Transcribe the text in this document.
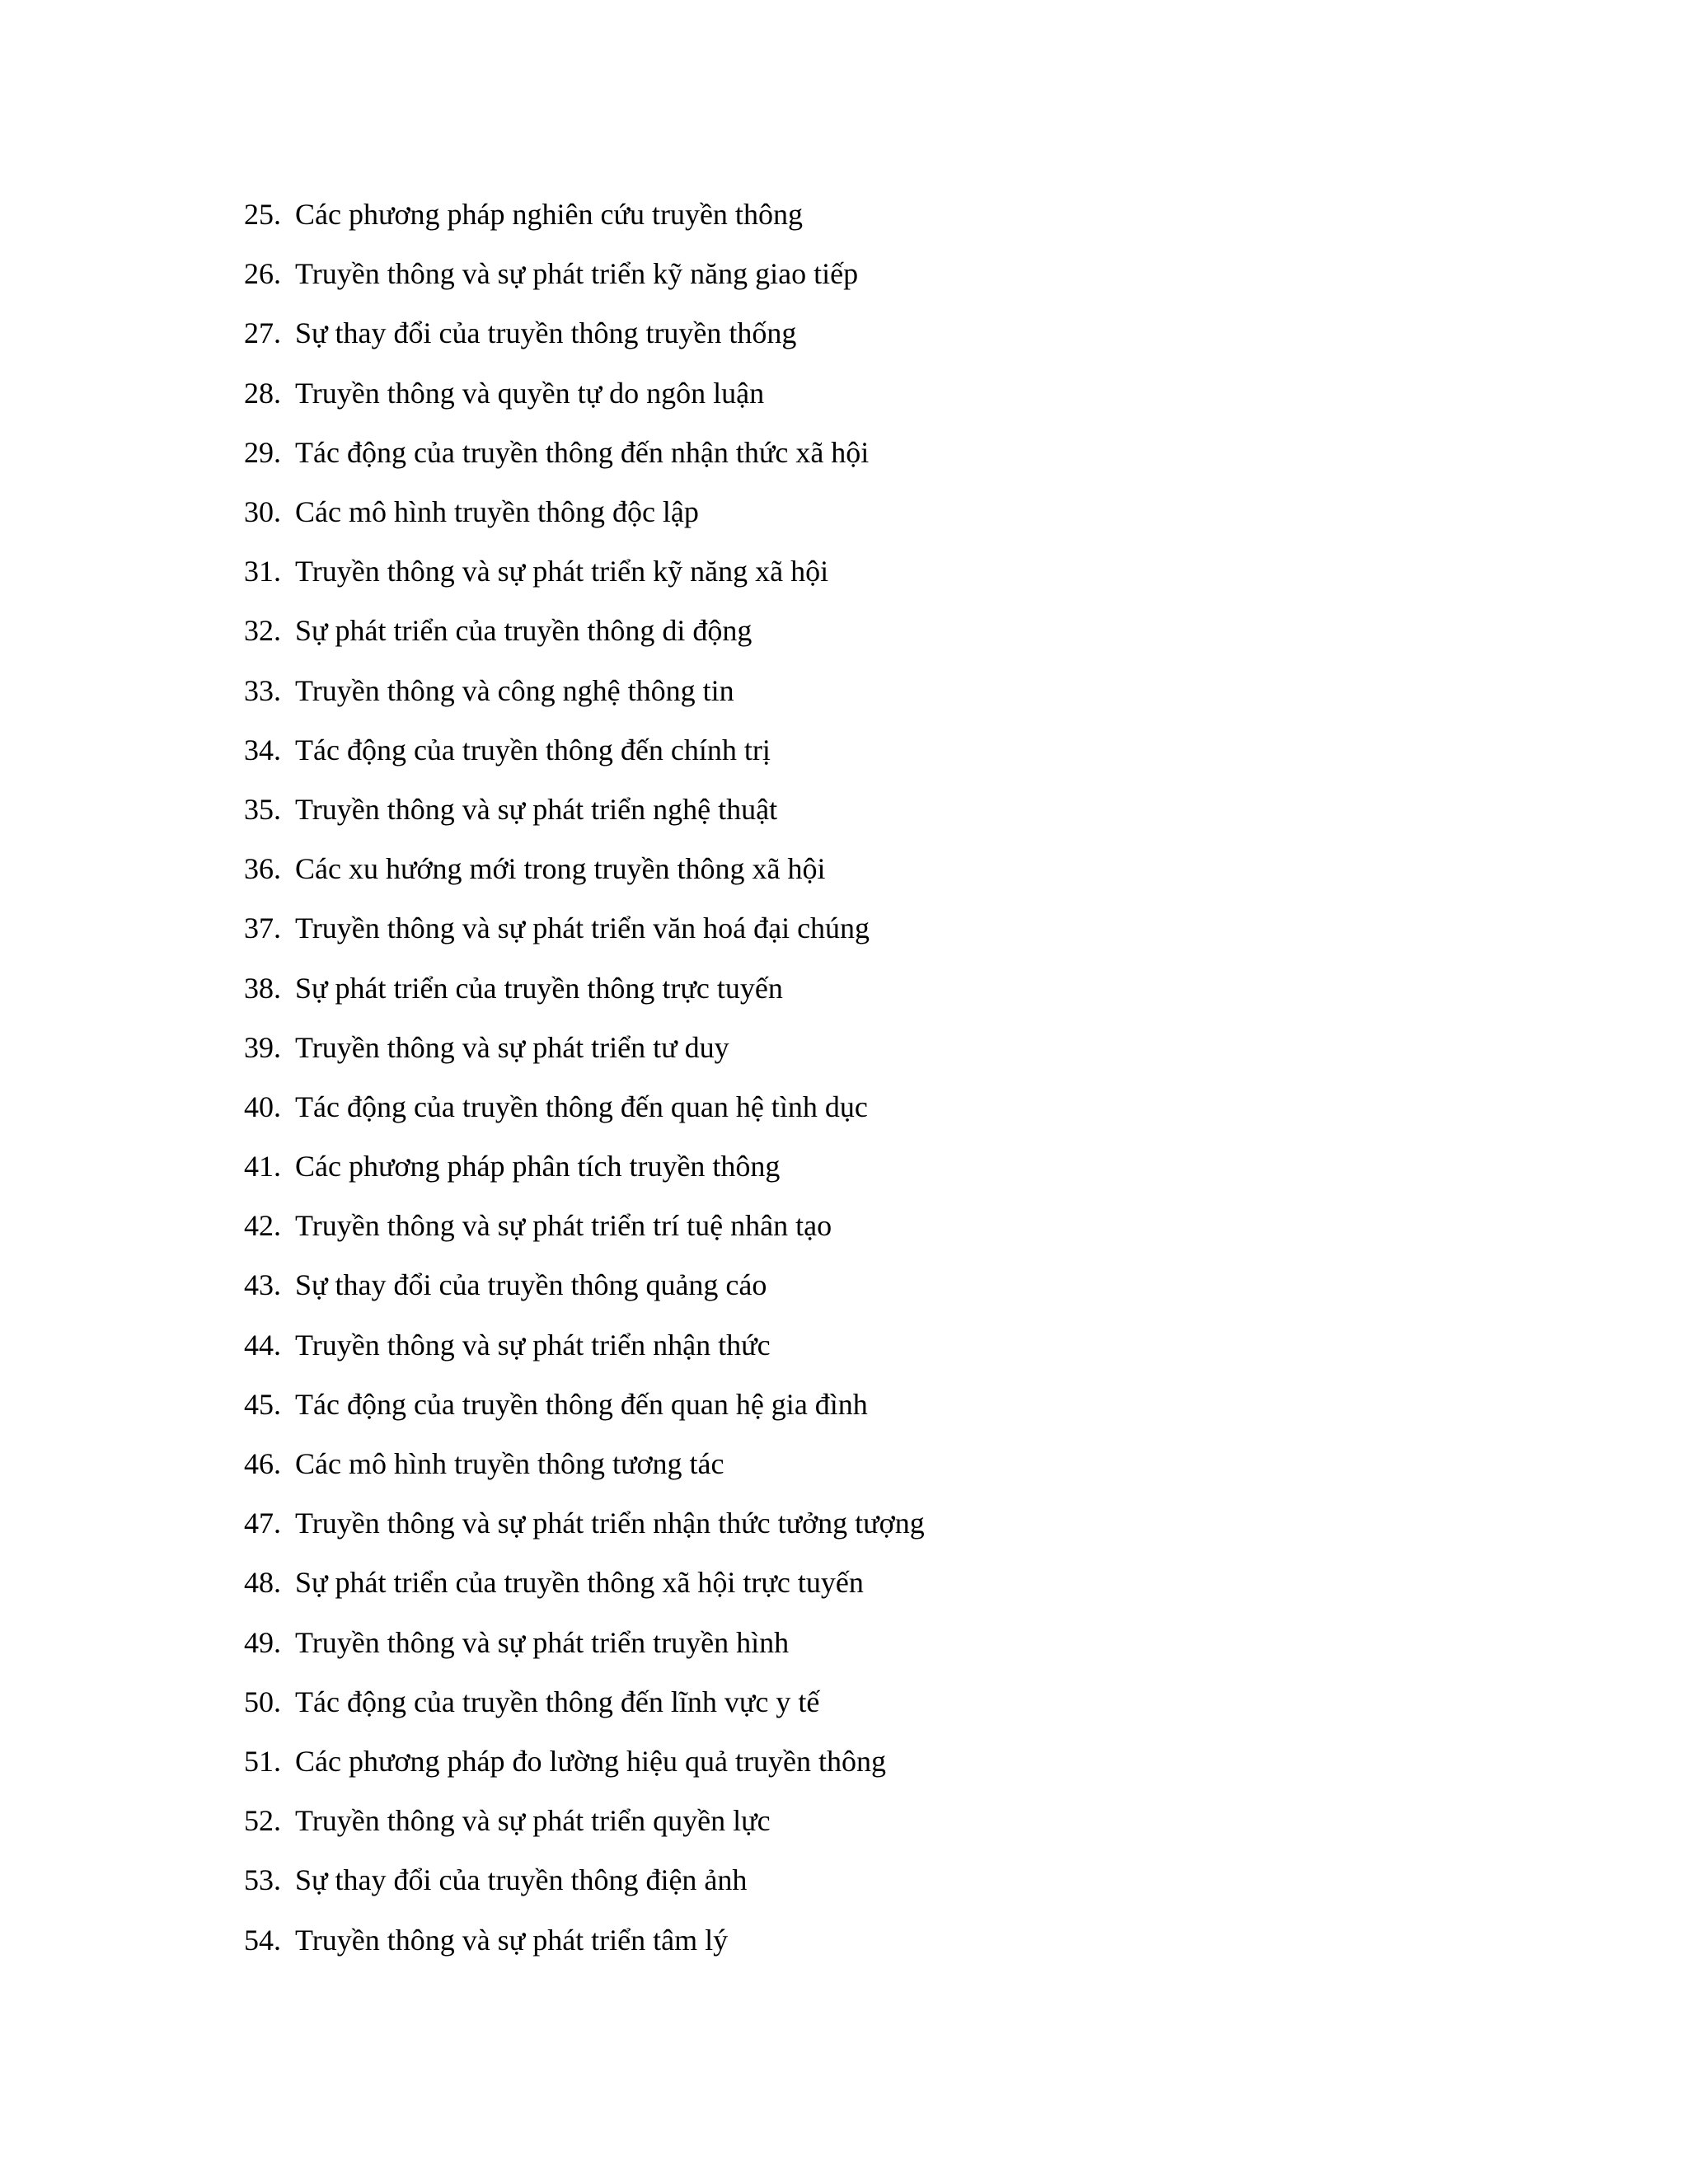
25. Các phương pháp nghiên cứu truyền thông
26. Truyền thông và sự phát triển kỹ năng giao tiếp
27. Sự thay đổi của truyền thông truyền thống
28. Truyền thông và quyền tự do ngôn luận
29. Tác động của truyền thông đến nhận thức xã hội
30. Các mô hình truyền thông độc lập
31. Truyền thông và sự phát triển kỹ năng xã hội
32. Sự phát triển của truyền thông di động
33. Truyền thông và công nghệ thông tin
34. Tác động của truyền thông đến chính trị
35. Truyền thông và sự phát triển nghệ thuật
36. Các xu hướng mới trong truyền thông xã hội
37. Truyền thông và sự phát triển văn hoá đại chúng
38. Sự phát triển của truyền thông trực tuyến
39. Truyền thông và sự phát triển tư duy
40. Tác động của truyền thông đến quan hệ tình dục
41. Các phương pháp phân tích truyền thông
42. Truyền thông và sự phát triển trí tuệ nhân tạo
43. Sự thay đổi của truyền thông quảng cáo
44. Truyền thông và sự phát triển nhận thức
45. Tác động của truyền thông đến quan hệ gia đình
46. Các mô hình truyền thông tương tác
47. Truyền thông và sự phát triển nhận thức tưởng tượng
48. Sự phát triển của truyền thông xã hội trực tuyến
49. Truyền thông và sự phát triển truyền hình
50. Tác động của truyền thông đến lĩnh vực y tế
51. Các phương pháp đo lường hiệu quả truyền thông
52. Truyền thông và sự phát triển quyền lực
53. Sự thay đổi của truyền thông điện ảnh
54. Truyền thông và sự phát triển tâm lý
